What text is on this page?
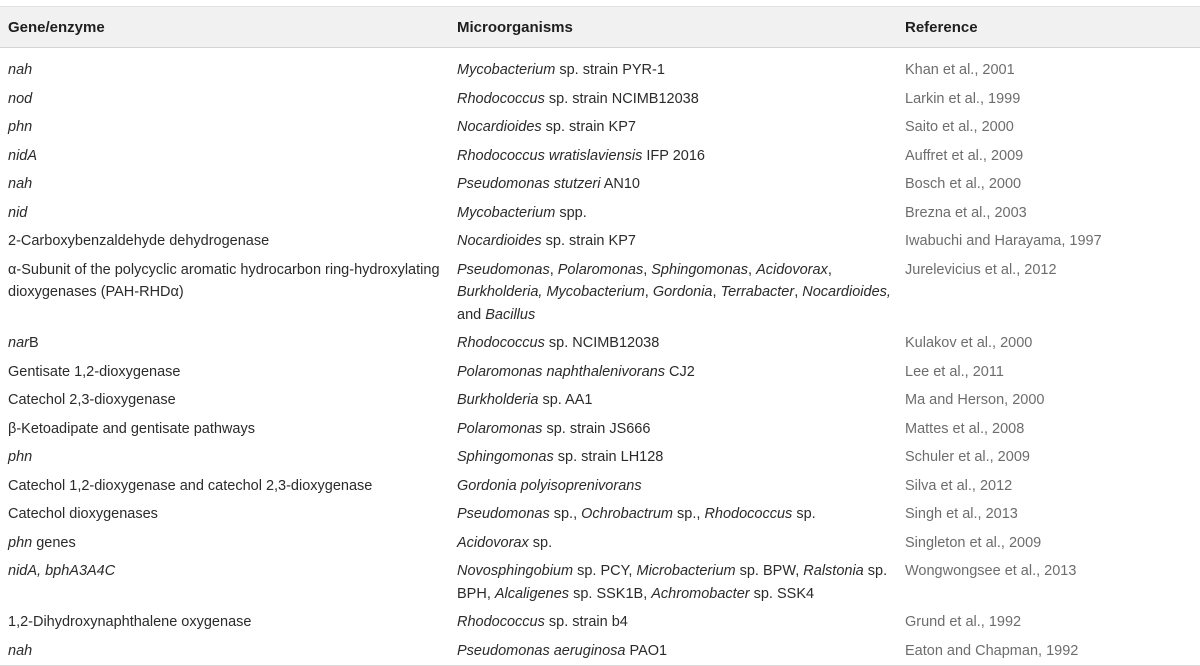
Gene/enzyme	Microorganisms	Reference
nah	Mycobacterium sp. strain PYR-1	Khan et al., 2001
nod	Rhodococcus sp. strain NCIMB12038	Larkin et al., 1999
phn	Nocardioides sp. strain KP7	Saito et al., 2000
nidA	Rhodococcus wratislaviensis IFP 2016	Auffret et al., 2009
nah	Pseudomonas stutzeri AN10	Bosch et al., 2000
nid	Mycobacterium spp.	Brezna et al., 2003
2-Carboxybenzaldehyde dehydrogenase	Nocardioides sp. strain KP7	Iwabuchi and Harayama, 1997
α-Subunit of the polycyclic aromatic hydrocarbon ring-hydroxylating dioxygenases (PAH-RHDα)	Pseudomonas, Polaromonas, Sphingomonas, Acidovorax, Burkholderia, Mycobacterium, Gordonia, Terrabacter, Nocardioides, and Bacillus	Jurelevicius et al., 2012
narB	Rhodococcus sp. NCIMB12038	Kulakov et al., 2000
Gentisate 1,2-dioxygenase	Polaromonas naphthalenivorans CJ2	Lee et al., 2011
Catechol 2,3-dioxygenase	Burkholderia sp. AA1	Ma and Herson, 2000
β-Ketoadipate and gentisate pathways	Polaromonas sp. strain JS666	Mattes et al., 2008
phn	Sphingomonas sp. strain LH128	Schuler et al., 2009
Catechol 1,2-dioxygenase and catechol 2,3-dioxygenase	Gordonia polyisoprenivorans	Silva et al., 2012
Catechol dioxygenases	Pseudomonas sp., Ochrobactrum sp., Rhodococcus sp.	Singh et al., 2013
phn genes	Acidovorax sp.	Singleton et al., 2009
nidA, bphA3A4C	Novosphingobium sp. PCY, Microbacterium sp. BPW, Ralstonia sp. BPH, Alcaligenes sp. SSK1B, Achromobacter sp. SSK4	Wongwongsee et al., 2013
1,2-Dihydroxynaphthalene oxygenase	Rhodococcus sp. strain b4	Grund et al., 1992
nah	Pseudomonas aeruginosa PAO1	Eaton and Chapman, 1992
